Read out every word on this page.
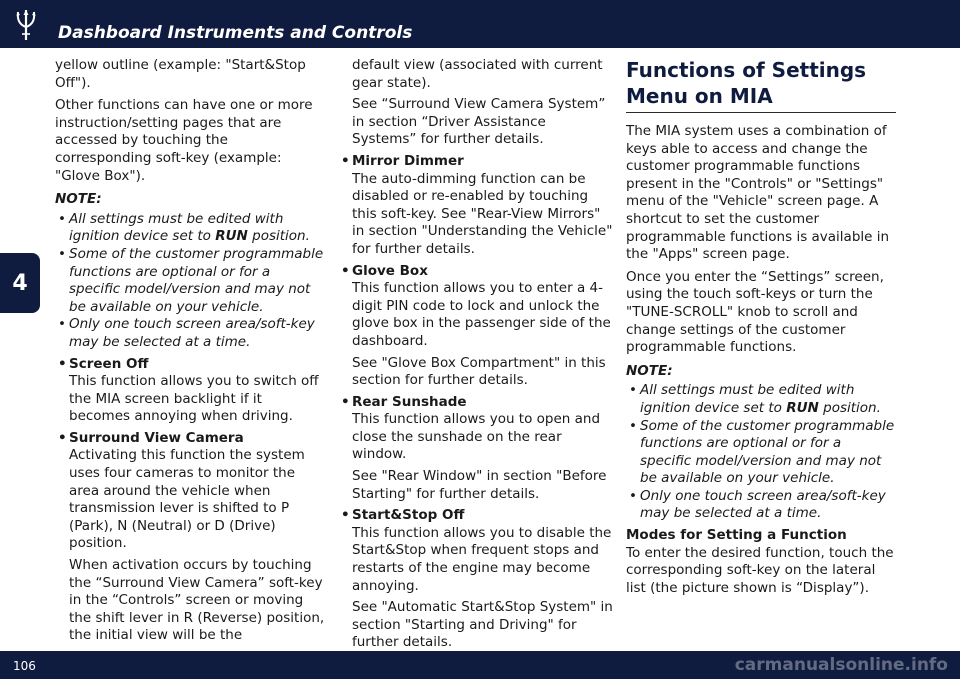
Dashboard Instruments and Controls
4

yellow outline (example: "Start&Stop Off").

Other functions can have one or more instruction/setting pages that are accessed by touching the corresponding soft-key (example: "Glove Box").

NOTE:
• All settings must be edited with ignition device set to RUN position.
• Some of the customer programmable functions are optional or for a specific model/version and may not be available on your vehicle.
• Only one touch screen area/soft-key may be selected at a time.
• Screen Off

This function allows you to switch off the MIA screen backlight if it becomes annoying when driving.

• Surround View Camera

Activating this function the system uses four cameras to monitor the area around the vehicle when transmission lever is shifted to P (Park), N (Neutral) or D (Drive) position.

When activation occurs by touching the “Surround View Camera” soft-key in the “Controls” screen or moving the shift lever in R (Reverse) position, the initial view will be the

default view (associated with current gear state).

See “Surround View Camera System” in section “Driver Assistance Systems” for further details.

• Mirror Dimmer

The auto-dimming function can be disabled or re-enabled by touching this soft-key. See "Rear-View Mirrors" in section "Understanding the Vehicle" for further details.

• Glove Box

This function allows you to enter a 4-digit PIN code to lock and unlock the glove box in the passenger side of the dashboard.

See "Glove Box Compartment" in this section for further details.

• Rear Sunshade

This function allows you to open and close the sunshade on the rear window.

See "Rear Window" in section "Before Starting" for further details.

• Start&Stop Off

This function allows you to disable the Start&Stop when frequent stops and restarts of the engine may become annoying.

See "Automatic Start&Stop System" in section "Starting and Driving" for further details.

Functions of Settings Menu on MIA

The MIA system uses a combination of keys able to access and change the customer programmable functions present in the "Controls" or "Settings" menu of the "Vehicle" screen page. A shortcut to set the customer programmable functions is available in the "Apps" screen page.

Once you enter the “Settings” screen, using the touch soft-keys or turn the "TUNE-SCROLL" knob to scroll and change settings of the customer programmable functions.

NOTE:
• All settings must be edited with ignition device set to RUN position.
• Some of the customer programmable functions are optional or for a specific model/version and may not be available on your vehicle.
• Only one touch screen area/soft-key may be selected at a time.
Modes for Setting a Function

To enter the desired function, touch the corresponding soft-key on the lateral list (the picture shown is “Display”).

106	carmanualsonline.info
